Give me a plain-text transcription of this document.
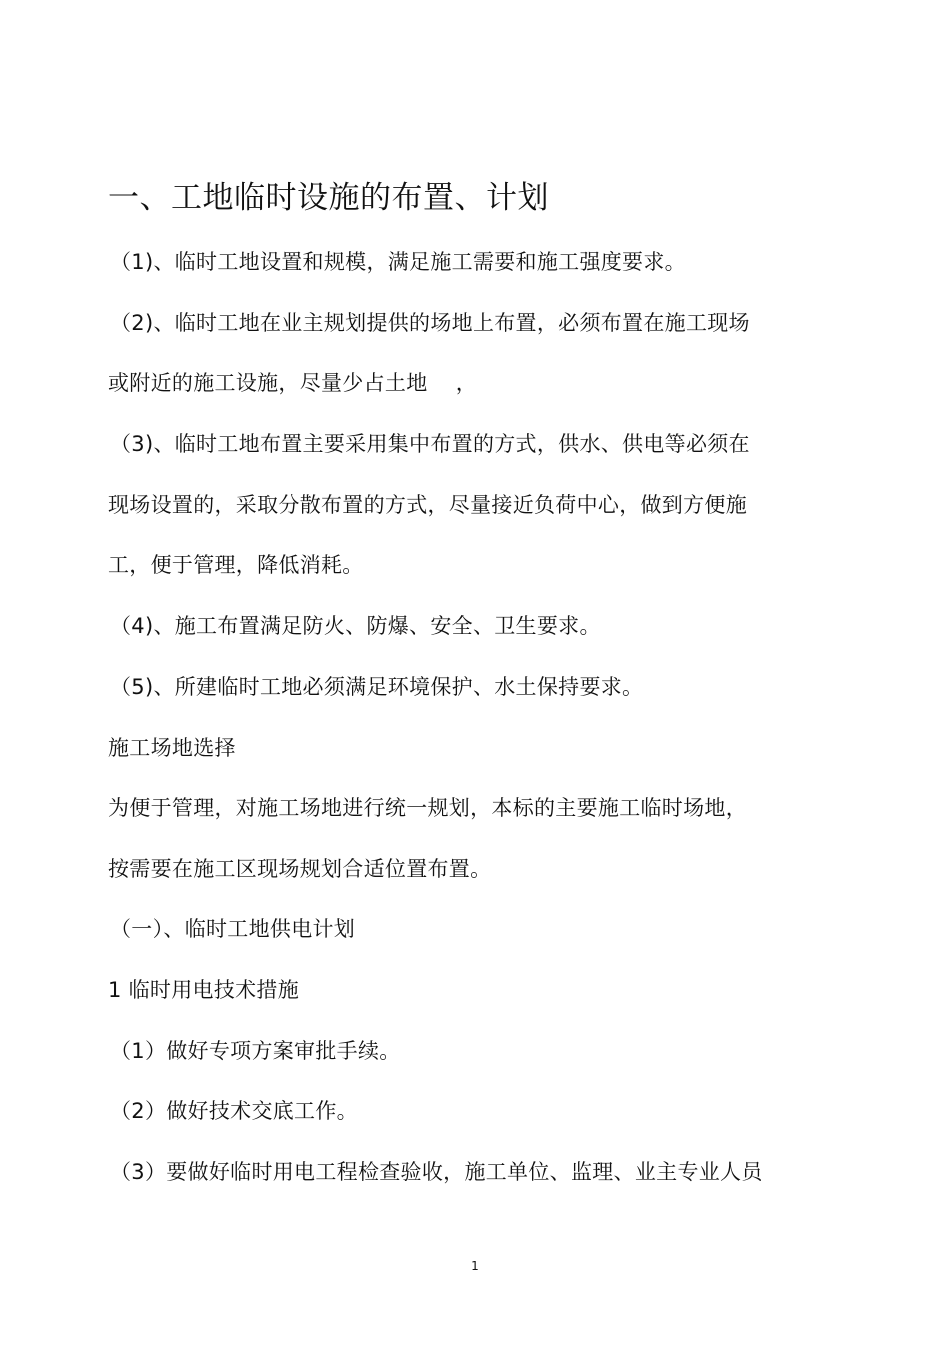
一、工地临时设施的布置、计划
（1)、临时工地设置和规模，满足施工需要和施工强度要求。
（2)、临时工地在业主规划提供的场地上布置，必须布置在施工现场
或附近的施工设施，尽量少占土地　 ，
（3)、临时工地布置主要采用集中布置的方式，供水、供电等必须在
现场设置的，采取分散布置的方式，尽量接近负荷中心，做到方便施
工，便于管理，降低消耗。
（4)、施工布置满足防火、防爆、安全、卫生要求。
（5)、所建临时工地必须满足环境保护、水土保持要求。
施工场地选择
为便于管理，对施工场地进行统一规划，本标的主要施工临时场地，
按需要在施工区现场规划合适位置布置。
（一）、临时工地供电计划
1 临时用电技术措施
（1）做好专项方案审批手续。
（2）做好技术交底工作。
（3）要做好临时用电工程检查验收，施工单位、监理、业主专业人员
1
